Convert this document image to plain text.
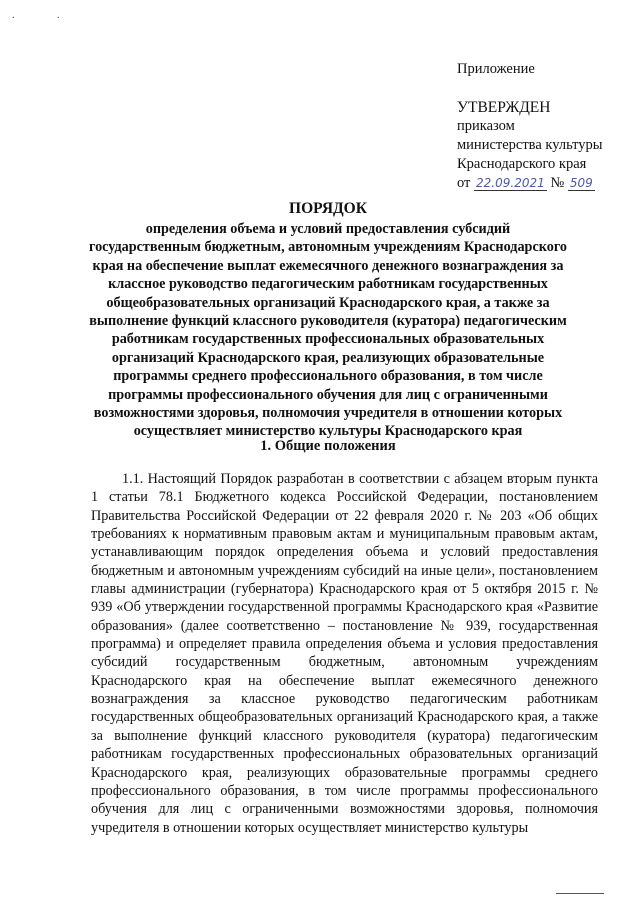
. .
Приложение
УТВЕРЖДЕН
приказом
министерства культуры
Краснодарского края
от 22.09.2021 № 509
ПОРЯДОК
определения объема и условий предоставления субсидий государственным бюджетным, автономным учреждениям Краснодарского края на обеспечение выплат ежемесячного денежного вознаграждения за классное руководство педагогическим работникам государственных общеобразовательных организаций Краснодарского края, а также за выполнение функций классного руководителя (куратора) педагогическим работникам государственных профессиональных образовательных организаций Краснодарского края, реализующих образовательные программы среднего профессионального образования, в том числе программы профессионального обучения для лиц с ограниченными возможностями здоровья, полномочия учредителя в отношении которых осуществляет министерство культуры Краснодарского края
1. Общие положения
1.1. Настоящий Порядок разработан в соответствии с абзацем вторым пункта 1 статьи 78.1 Бюджетного кодекса Российской Федерации, постановлением Правительства Российской Федерации от 22 февраля 2020 г. № 203 «Об общих требованиях к нормативным правовым актам и муниципальным правовым актам, устанавливающим порядок определения объема и условий предоставления бюджетным и автономным учреждениям субсидий на иные цели», постановлением главы администрации (губернатора) Краснодарского края от 5 октября 2015 г. № 939 «Об утверждении государственной программы Краснодарского края «Развитие образования» (далее соответственно – постановление № 939, государственная программа) и определяет правила определения объема и условия предоставления субсидий государственным бюджетным, автономным учреждениям Краснодарского края на обеспечение выплат ежемесячного денежного вознаграждения за классное руководство педагогическим работникам государственных общеобразовательных организаций Краснодарского края, а также за выполнение функций классного руководителя (куратора) педагогическим работникам государственных профессиональных образовательных организаций Краснодарского края, реализующих образовательные программы среднего профессионального образования, в том числе программы профессионального обучения для лиц с ограниченными возможностями здоровья, полномочия учредителя в отношении которых осуществляет министерство культуры
